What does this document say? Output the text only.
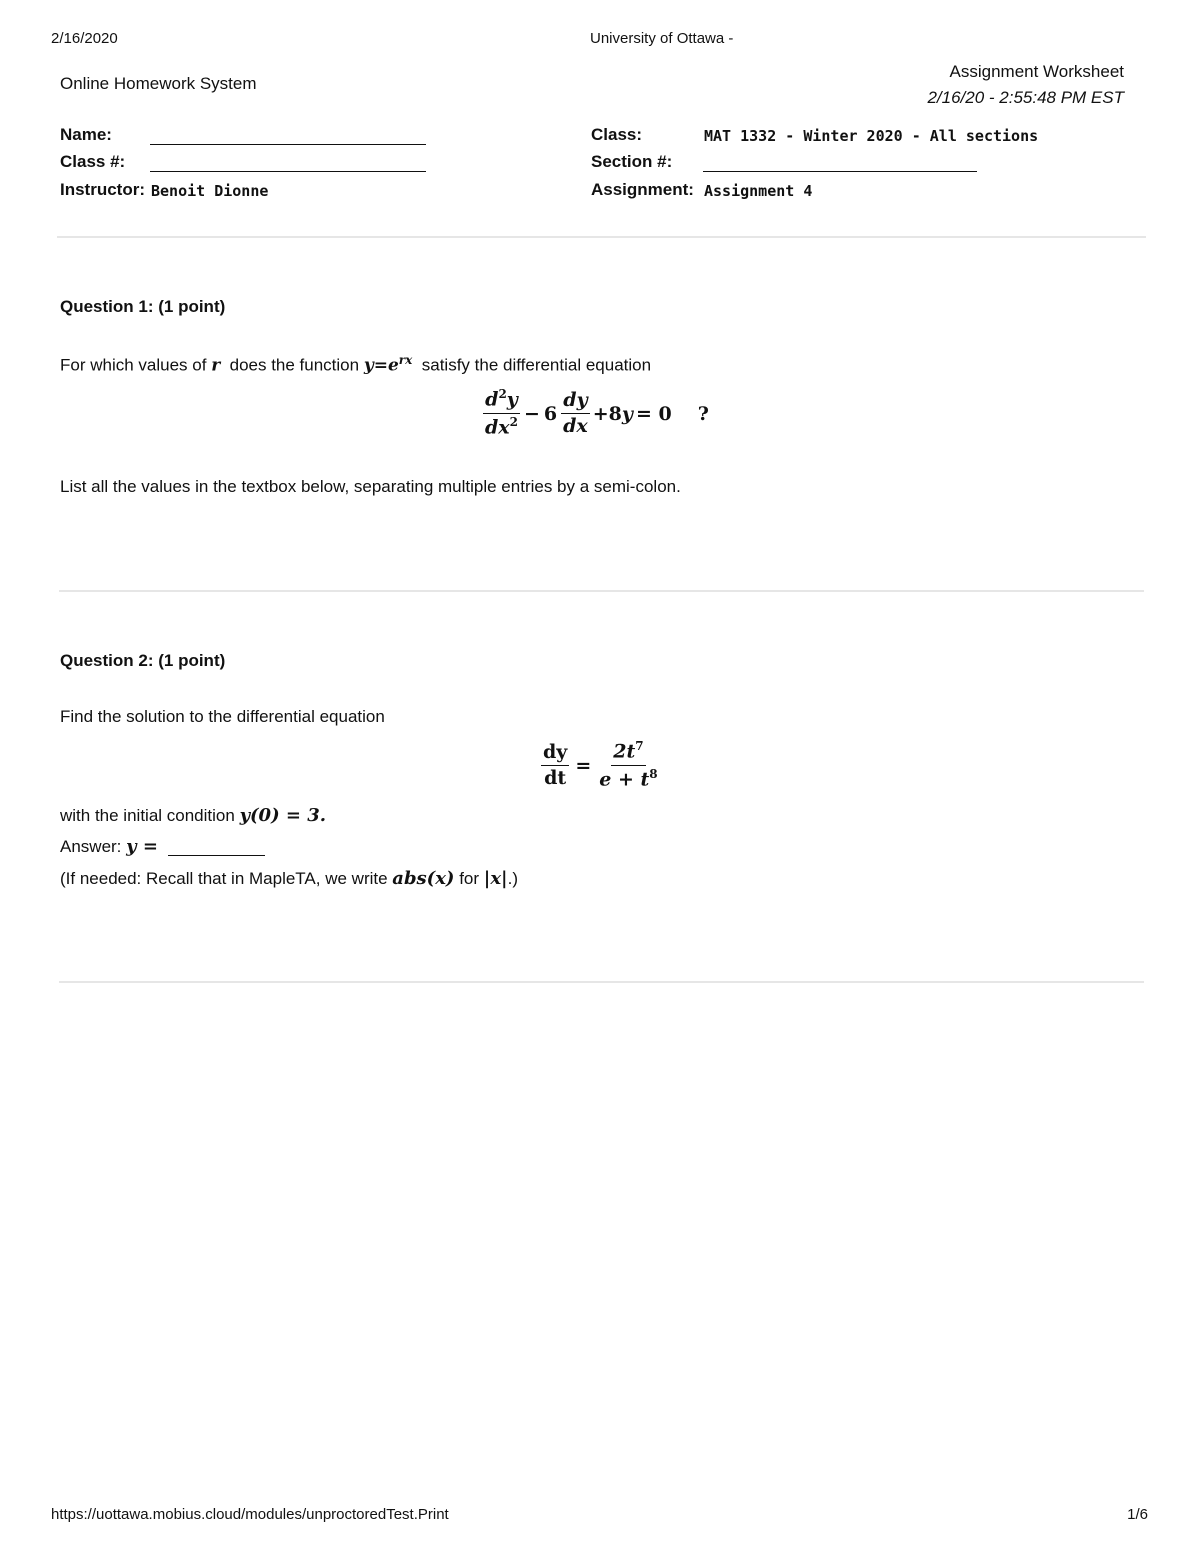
2/16/2020	University of Ottawa -
Online Homework System
Assignment Worksheet
2/16/20 - 2:55:48 PM EST
Name:
Class #:
Instructor: Benoit Dionne
Class:	MAT 1332 - Winter 2020 - All sections
Section #:
Assignment: Assignment 4
Question 1: (1 point)
For which values of r does the function $y=e^{rx}$ satisfy the differential equation
$\frac{d^2y}{dx^2} - 6 \frac{dy}{dx} +8$ y = 0 ?
List all the values in the textbox below, separating multiple entries by a semi-colon.
Question 2: (1 point)
Find the solution to the differential equation
$\frac{dy}{dt} = \frac{2t^7}{e + t^8}$
with the initial condition y(0) = 3.
Answer: y =
(If needed: Recall that in MapleTA, we write abs(x) for |x|.)
https://uottawa.mobius.cloud/modules/unproctoredTest.Print	1/6
